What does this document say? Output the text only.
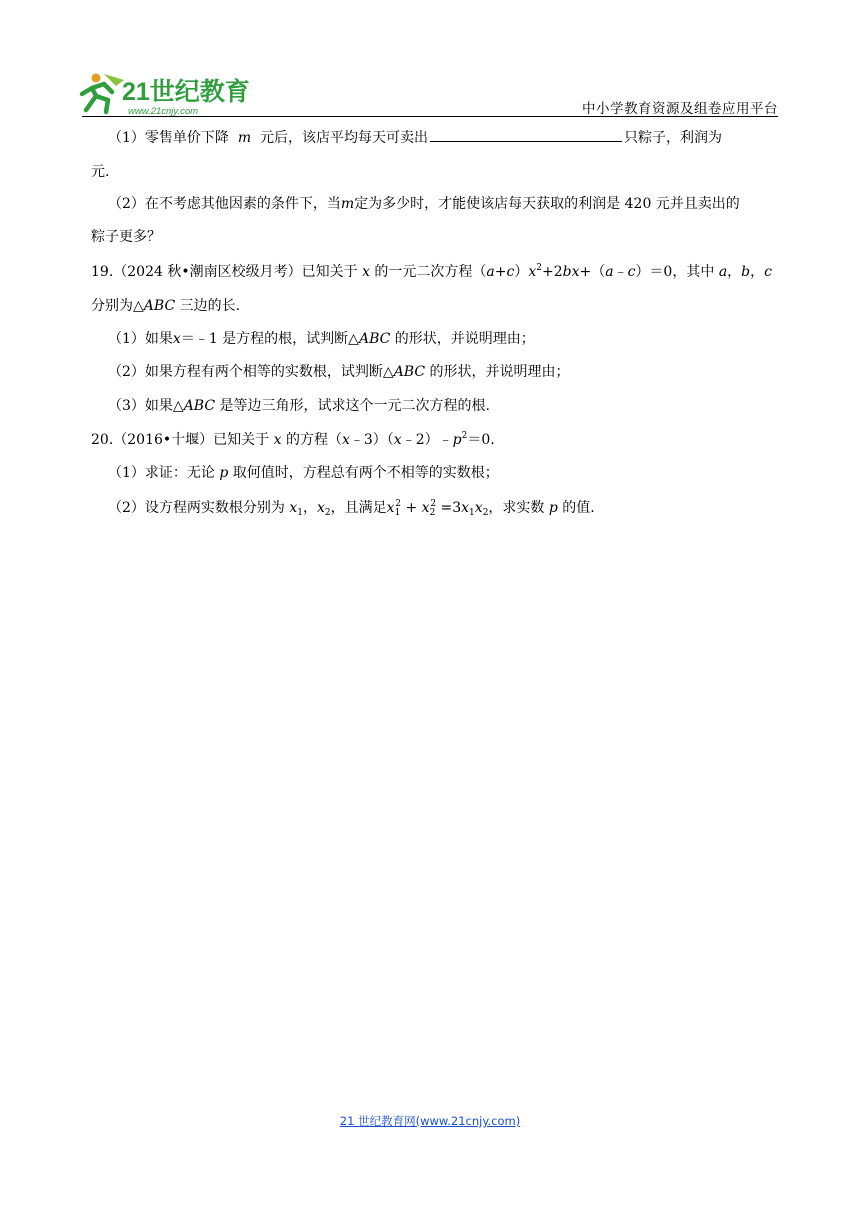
21世纪教育
www.21cnjy.com	中小学教育资源及组卷应用平台
（1）零售单价下降 m 元后，该店平均每天可卖出	只粽子，利润为
元.
（2）在不考虑其他因素的条件下，当m定为多少时，才能使该店每天获取的利润是 420 元并且卖出的
粽子更多？
19.（2024 秋•潮南区校级月考）已知关于 x 的一元二次方程$(a+c)x^2+2bx+(a﹣c)=0$，其中 a，b，c
分别为△ABC 三边的长.
（1）如果x＝﹣1 是方程的根，试判断△ABC 的形状，并说明理由；
（2）如果方程有两个相等的实数根，试判断△ABC 的形状，并说明理由；
（3）如果△ABC 是等边三角形，试求这个一元二次方程的根.
20.（2016•十堰）已知关于 x 的方程$(x﹣3)(x﹣2)﹣p^2=0$.
（1）求证：无论 p 取何值时，方程总有两个不相等的实数根；
（2）设方程两实数根分别为 $x_1$，$x_2$，且满足$x_1^2 + x_2^2 =3x_1x_2$，求实数 p 的值.
21 世纪教育网(www.21cnjy.com)
